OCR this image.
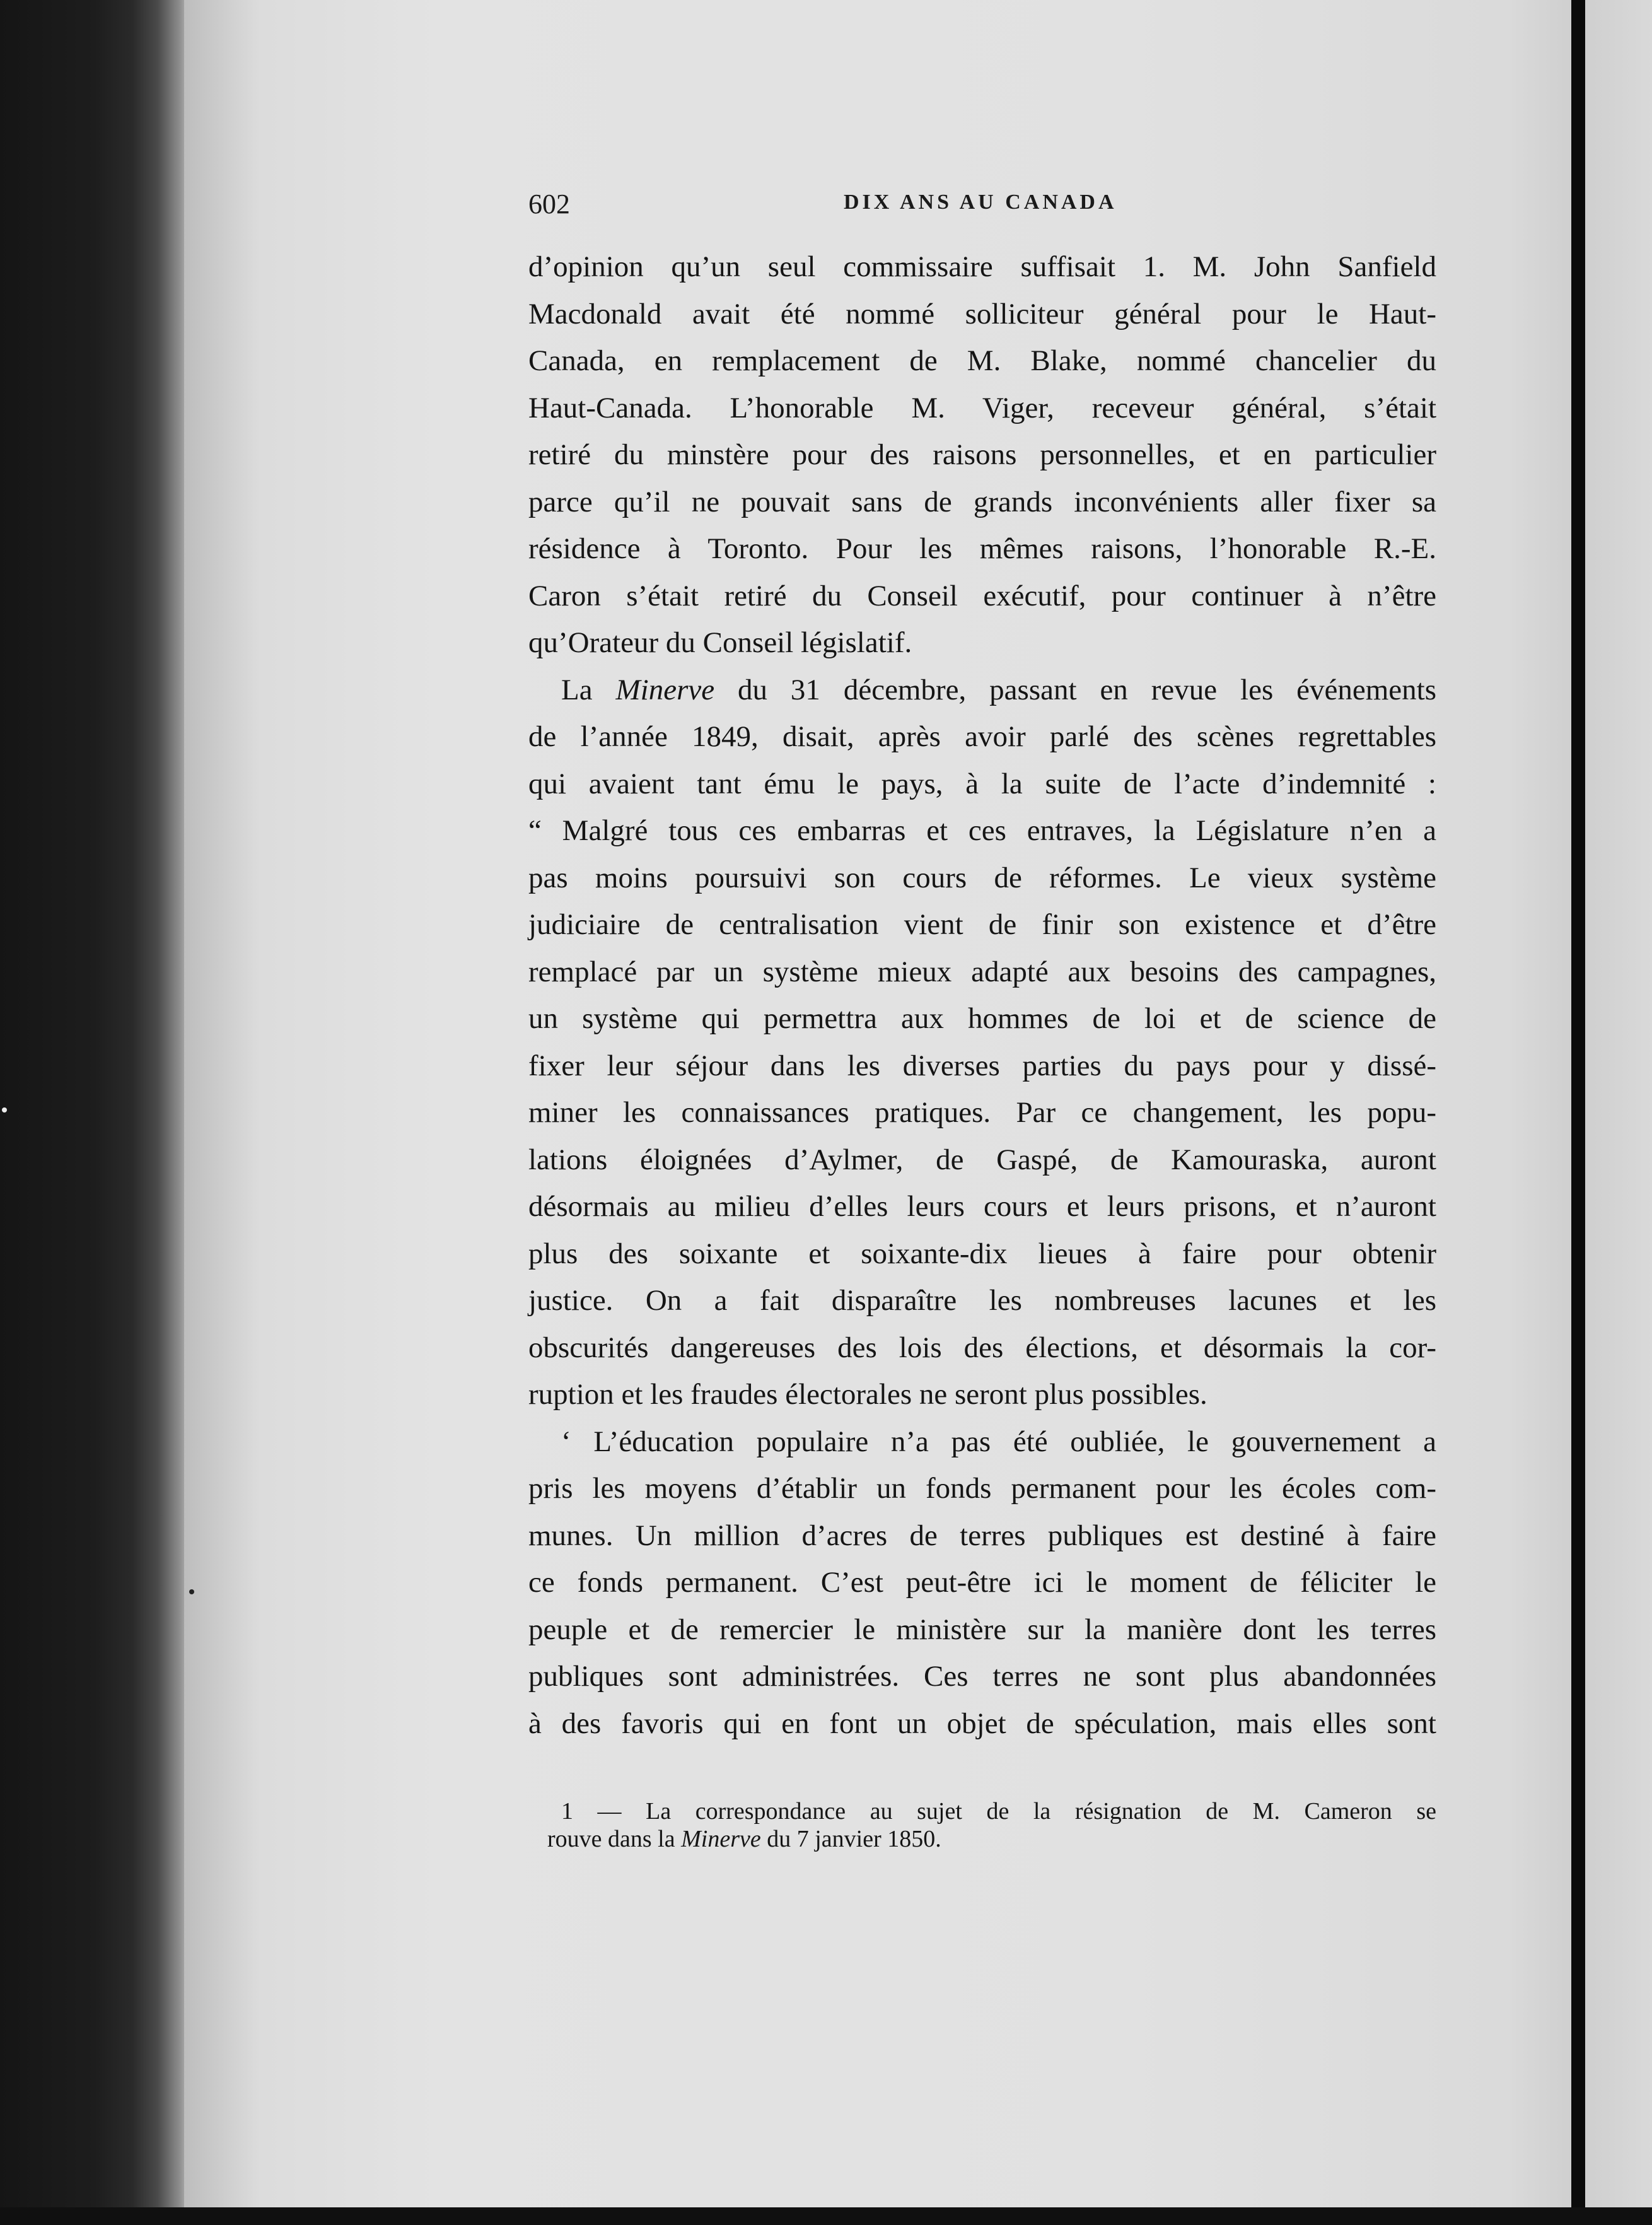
602	DIX ANS AU CANADA

d’opinion qu’un seul commissaire suffisait 1. M. John Sanfield

Macdonald avait été nommé solliciteur général pour le Haut-

Canada, en remplacement de M. Blake, nommé chancelier du

Haut-Canada. L’honorable M. Viger, receveur général, s’était

retiré du minstère pour des raisons personnelles, et en particulier

parce qu’il ne pouvait sans de grands inconvénients aller fixer sa

résidence à Toronto. Pour les mêmes raisons, l’honorable R.-E.

Caron s’était retiré du Conseil exécutif, pour continuer à n’être

qu’Orateur du Conseil législatif.

La Minerve du 31 décembre, passant en revue les événements

de l’année 1849, disait, après avoir parlé des scènes regrettables

qui avaient tant ému le pays, à la suite de l’acte d’indemnité :

“ Malgré tous ces embarras et ces entraves, la Législature n’en a

pas moins poursuivi son cours de réformes. Le vieux système

judiciaire de centralisation vient de finir son existence et d’être

remplacé par un système mieux adapté aux besoins des campagnes,

un système qui permettra aux hommes de loi et de science de

fixer leur séjour dans les diverses parties du pays pour y dissé-

miner les connaissances pratiques. Par ce changement, les popu-

lations éloignées d’Aylmer, de Gaspé, de Kamouraska, auront

désormais au milieu d’elles leurs cours et leurs prisons, et n’auront

plus des soixante et soixante-dix lieues à faire pour obtenir

justice. On a fait disparaître les nombreuses lacunes et les

obscurités dangereuses des lois des élections, et désormais la cor-

ruption et les fraudes électorales ne seront plus possibles.

‘ L’éducation populaire n’a pas été oubliée, le gouvernement a

pris les moyens d’établir un fonds permanent pour les écoles com-

munes. Un million d’acres de terres publiques est destiné à faire

ce fonds permanent. C’est peut-être ici le moment de féliciter le

peuple et de remercier le ministère sur la manière dont les terres

publiques sont administrées. Ces terres ne sont plus abandonnées

à des favoris qui en font un objet de spéculation, mais elles sont

1 — La correspondance au sujet de la résignation de M. Cameron se

rouve dans la Minerve du 7 janvier 1850.
